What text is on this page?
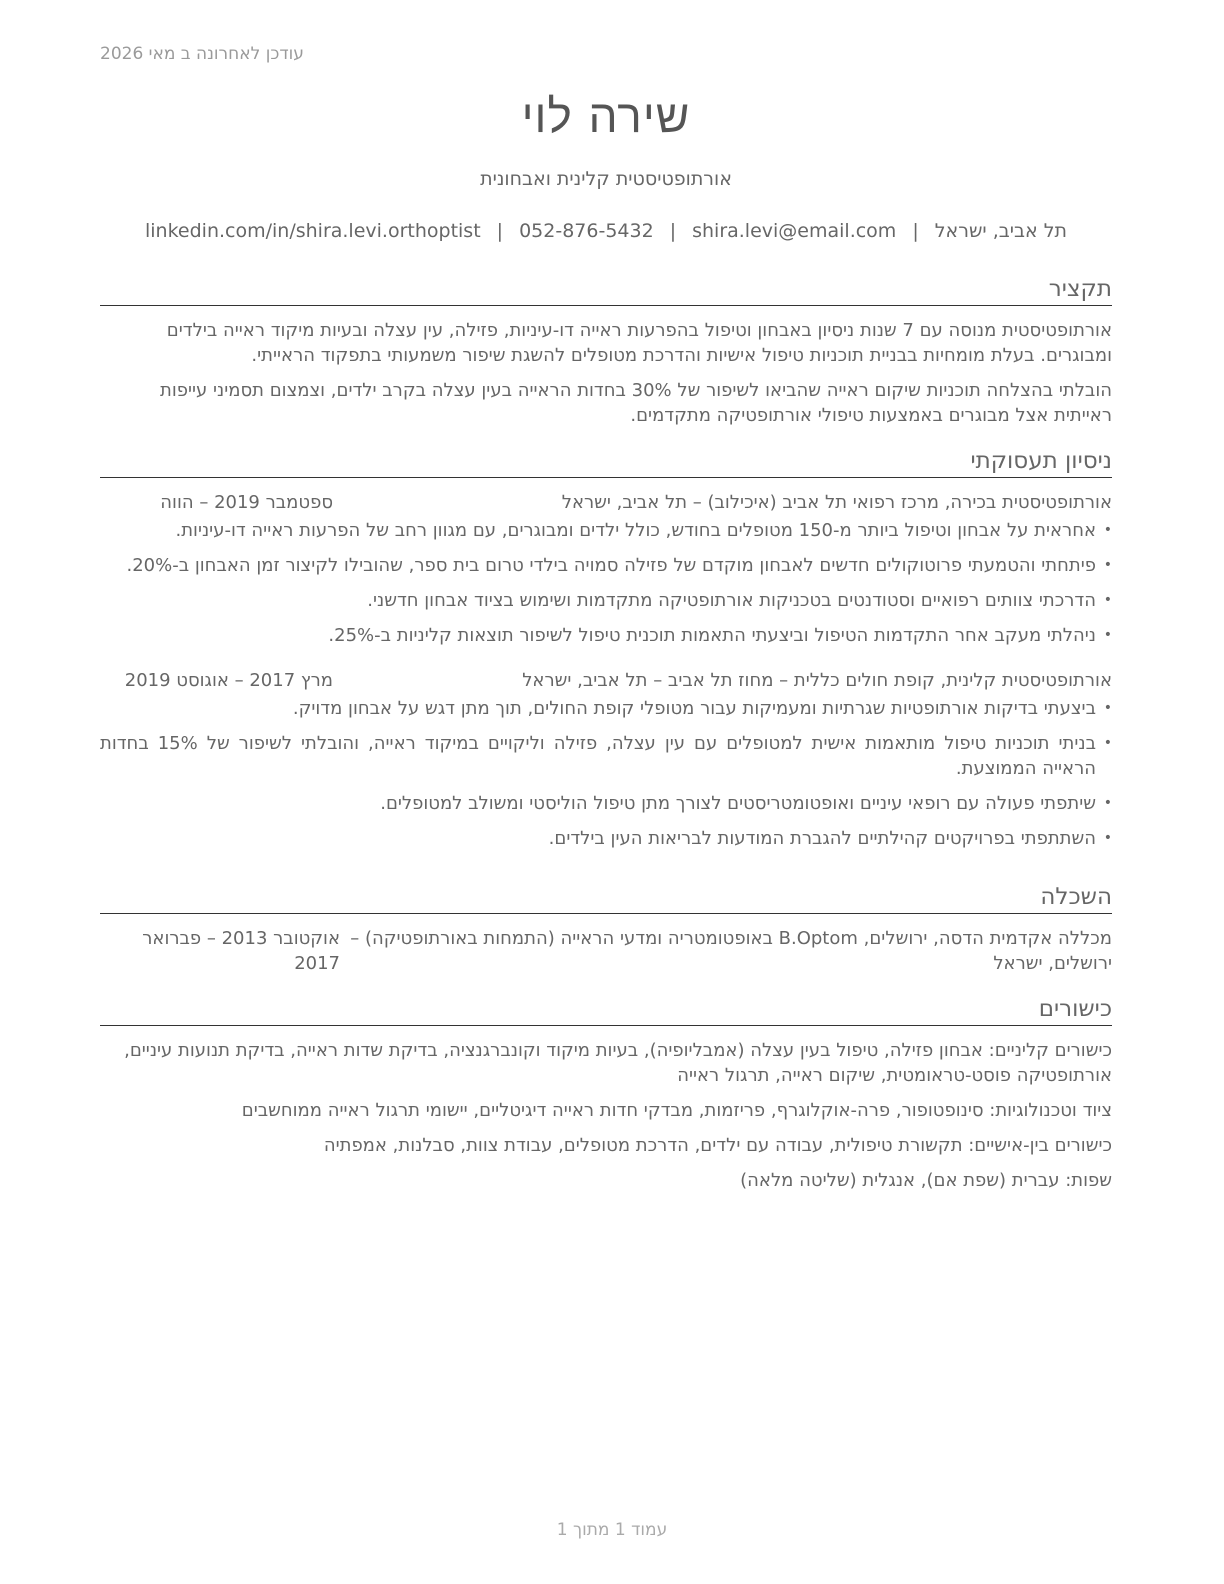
עודכן לאחרונה ב מאי 2026
שירה לוי
אורתופטיסטית קלינית ואבחונית
תל אביב, ישראל|shira.levi@email.com|052-876-5432|linkedin.com/in/shira.levi.orthoptist
תקציר

אורתופטיסטית מנוסה עם 7 שנות ניסיון באבחון וטיפול בהפרעות ראייה דו-עיניות, פזילה, עין עצלה ובעיות מיקוד ראייה בילדים ומבוגרים. בעלת מומחיות בבניית תוכניות טיפול אישיות והדרכת מטופלים להשגת שיפור משמעותי בתפקוד הראייתי.

הובלתי בהצלחה תוכניות שיקום ראייה שהביאו לשיפור של 30% בחדות הראייה בעין עצלה בקרב ילדים, וצמצום תסמיני עייפות ראייתית אצל מבוגרים באמצעות טיפולי אורתופטיקה מתקדמים.

ניסיון תעסוקתי
אורתופטיסטית בכירה, מרכז רפואי תל אביב (איכילוב) – תל אביב, ישראל
ספטמבר 2019 – הווה
• אחראית על אבחון וטיפול ביותר מ-150 מטופלים בחודש, כולל ילדים ומבוגרים, עם מגוון רחב של הפרעות ראייה דו-עיניות.
• פיתחתי והטמעתי פרוטוקולים חדשים לאבחון מוקדם של פזילה סמויה בילדי טרום בית ספר, שהובילו לקיצור זמן האבחון ב-20%.
• הדרכתי צוותים רפואיים וסטודנטים בטכניקות אורתופטיקה מתקדמות ושימוש בציוד אבחון חדשני.
• ניהלתי מעקב אחר התקדמות הטיפול וביצעתי התאמות תוכנית טיפול לשיפור תוצאות קליניות ב-25%.
אורתופטיסטית קלינית, קופת חולים כללית – מחוז תל אביב – תל אביב, ישראל
מרץ 2017 – אוגוסט 2019
• ביצעתי בדיקות אורתופטיות שגרתיות ומעמיקות עבור מטופלי קופת החולים, תוך מתן דגש על אבחון מדויק.
• בניתי תוכניות טיפול מותאמות אישית למטופלים עם עין עצלה, פזילה וליקויים במיקוד ראייה, והובלתי לשיפור של 15% בחדות הראייה הממוצעת.
• שיתפתי פעולה עם רופאי עיניים ואופטומטריסטים לצורך מתן טיפול הוליסטי ומשולב למטופלים.
• השתתפתי בפרויקטים קהילתיים להגברת המודעות לבריאות העין בילדים.
השכלה
מכללה אקדמית הדסה, ירושלים, B.Optom באופטומטריה ומדעי הראייה (התמחות באורתופטיקה) – ירושלים, ישראל
אוקטובר 2013 – פברואר 2017
כישורים

כישורים קליניים: אבחון פזילה, טיפול בעין עצלה (אמבליופיה), בעיות מיקוד וקונברגנציה, בדיקת שדות ראייה, בדיקת תנועות עיניים, אורתופטיקה פוסט-טראומטית, שיקום ראייה, תרגול ראייה

ציוד וטכנולוגיות: סינופטופור, פרה-אוקלוגרף, פריזמות, מבדקי חדות ראייה דיגיטליים, יישומי תרגול ראייה ממוחשבים

כישורים בין-אישיים: תקשורת טיפולית, עבודה עם ילדים, הדרכת מטופלים, עבודת צוות, סבלנות, אמפתיה

שפות: עברית (שפת אם), אנגלית (שליטה מלאה)

עמוד 1 מתוך 1
